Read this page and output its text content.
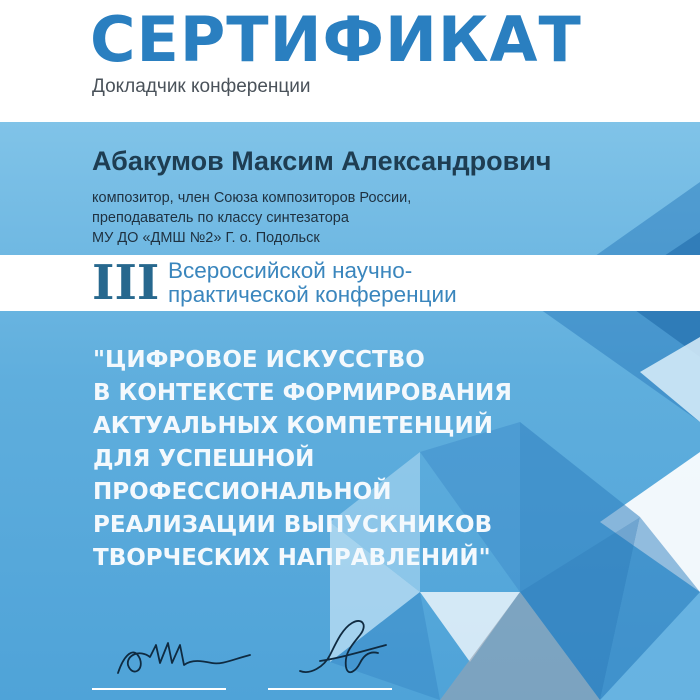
СЕРТИФИКАТ
Докладчик конференции
Абакумов Максим Александрович
композитор, член Союза композиторов России,
преподаватель по классу синтезатора
МУ ДО «ДМШ №2» Г. о. Подольск
III Всероссийской научно-
практической конференции
"ЦИФРОВОЕ ИСКУССТВО
В КОНТЕКСТЕ ФОРМИРОВАНИЯ
АКТУАЛЬНЫХ КОМПЕТЕНЦИЙ
ДЛЯ УСПЕШНОЙ
ПРОФЕССИОНАЛЬНОЙ
РЕАЛИЗАЦИИ ВЫПУСКНИКОВ
ТВОРЧЕСКИХ НАПРАВЛЕНИЙ"
